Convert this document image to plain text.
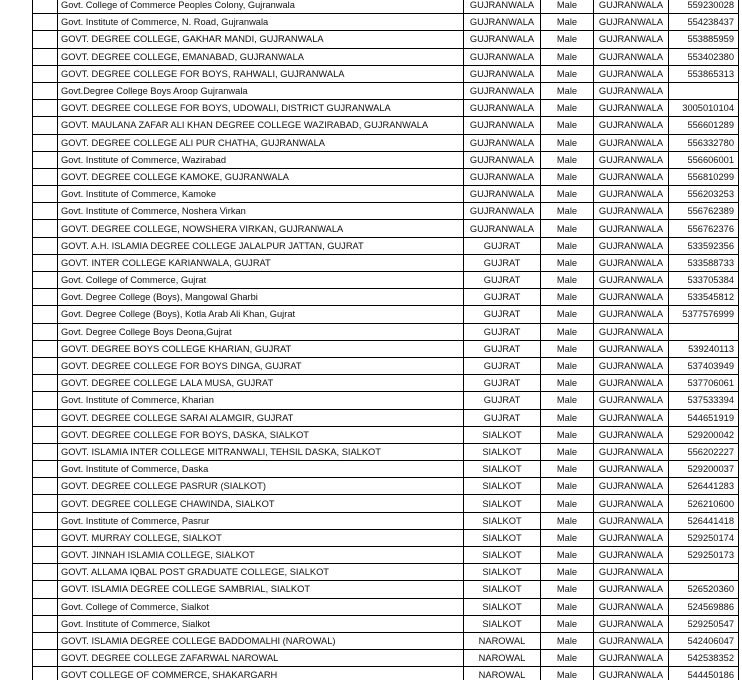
	Govt. College of Commerce Peoples Colony, Gujranwala	GUJRANWALA	Male	GUJRANWALA	559230028
	Govt. Institute of Commerce, N. Road, Gujranwala	GUJRANWALA	Male	GUJRANWALA	554238437
	GOVT. DEGREE COLLEGE, GAKHAR MANDI, GUJRANWALA	GUJRANWALA	Male	GUJRANWALA	553885959
	GOVT. DEGREE COLLEGE, EMANABAD, GUJRANWALA	GUJRANWALA	Male	GUJRANWALA	553402380
	GOVT. DEGREE COLLEGE FOR BOYS, RAHWALI, GUJRANWALA	GUJRANWALA	Male	GUJRANWALA	553865313
	Govt.Degree College Boys Aroop Gujranwala	GUJRANWALA	Male	GUJRANWALA	
	GOVT. DEGREE COLLEGE FOR BOYS, UDOWALI, DISTRICT GUJRANWALA	GUJRANWALA	Male	GUJRANWALA	3005010104
	GOVT. MAULANA ZAFAR ALI KHAN DEGREE COLLEGE WAZIRABAD, GUJRANWALA	GUJRANWALA	Male	GUJRANWALA	556601289
	GOVT. DEGREE COLLEGE ALI PUR CHATHA, GUJRANWALA	GUJRANWALA	Male	GUJRANWALA	556332780
	Govt. Institute of Commerce, Wazirabad	GUJRANWALA	Male	GUJRANWALA	556606001
	GOVT. DEGREE COLLEGE KAMOKE, GUJRANWALA	GUJRANWALA	Male	GUJRANWALA	556810299
	Govt. Institute of Commerce, Kamoke	GUJRANWALA	Male	GUJRANWALA	556203253
	Govt. Institute of Commerce, Noshera Virkan	GUJRANWALA	Male	GUJRANWALA	556762389
	GOVT. DEGREE COLLEGE, NOWSHERA VIRKAN, GUJRANWALA	GUJRANWALA	Male	GUJRANWALA	556762376
	GOVT. A.H. ISLAMIA DEGREE COLLEGE JALALPUR JATTAN, GUJRAT	GUJRAT	Male	GUJRANWALA	533592356
	GOVT. INTER COLLEGE KARIANWALA, GUJRAT	GUJRAT	Male	GUJRANWALA	533588733
	Govt. College of Commerce, Gujrat	GUJRAT	Male	GUJRANWALA	533705384
	Govt. Degree College (Boys), Mangowal Gharbi	GUJRAT	Male	GUJRANWALA	533545812
	Govt. Degree College (Boys), Kotla Arab Ali Khan, Gujrat	GUJRAT	Male	GUJRANWALA	5377576999
	Govt. Degree College Boys Deona,Gujrat	GUJRAT	Male	GUJRANWALA	
	GOVT. DEGREE BOYS COLLEGE KHARIAN, GUJRAT	GUJRAT	Male	GUJRANWALA	539240113
	GOVT. DEGREE COLLEGE FOR BOYS DINGA, GUJRAT	GUJRAT	Male	GUJRANWALA	537403949
	GOVT. DEGREE COLLEGE LALA MUSA, GUJRAT	GUJRAT	Male	GUJRANWALA	537706061
	Govt. Institute of Commerce, Kharian	GUJRAT	Male	GUJRANWALA	537533394
	GOVT. DEGREE COLLEGE SARAI ALAMGIR, GUJRAT	GUJRAT	Male	GUJRANWALA	544651919
	GOVT. DEGREE COLLEGE FOR BOYS, DASKA, SIALKOT	SIALKOT	Male	GUJRANWALA	529200042
	GOVT. ISLAMIA INTER COLLEGE MITRANWALI, TEHSIL DASKA, SIALKOT	SIALKOT	Male	GUJRANWALA	556202227
	Govt. Institute of Commerce, Daska	SIALKOT	Male	GUJRANWALA	529200037
	GOVT. DEGREE COLLEGE PASRUR (SIALKOT)	SIALKOT	Male	GUJRANWALA	526441283
	GOVT. DEGREE COLLEGE CHAWINDA, SIALKOT	SIALKOT	Male	GUJRANWALA	526210600
	Govt. Institute of Commerce, Pasrur	SIALKOT	Male	GUJRANWALA	526441418
	GOVT. MURRAY COLLEGE, SIALKOT	SIALKOT	Male	GUJRANWALA	529250174
	GOVT. JINNAH ISLAMIA COLLEGE, SIALKOT	SIALKOT	Male	GUJRANWALA	529250173
	GOVT. ALLAMA IQBAL POST GRADUATE COLLEGE, SIALKOT	SIALKOT	Male	GUJRANWALA	
	GOVT. ISLAMIA DEGREE COLLEGE SAMBRIAL, SIALKOT	SIALKOT	Male	GUJRANWALA	526520360
	Govt. College of Commerce, Sialkot	SIALKOT	Male	GUJRANWALA	524569886
	Govt. Institute of Commerce, Sialkot	SIALKOT	Male	GUJRANWALA	529250547
	GOVT. ISLAMIA DEGREE COLLEGE BADDOMALHI (NAROWAL)	NAROWAL	Male	GUJRANWALA	542406047
	GOVT. DEGREE COLLEGE ZAFARWAL NAROWAL	NAROWAL	Male	GUJRANWALA	542538352
	GOVT COLLEGE OF COMMERCE, SHAKARGARH	NAROWAL	Male	GUJRANWALA	544450186
